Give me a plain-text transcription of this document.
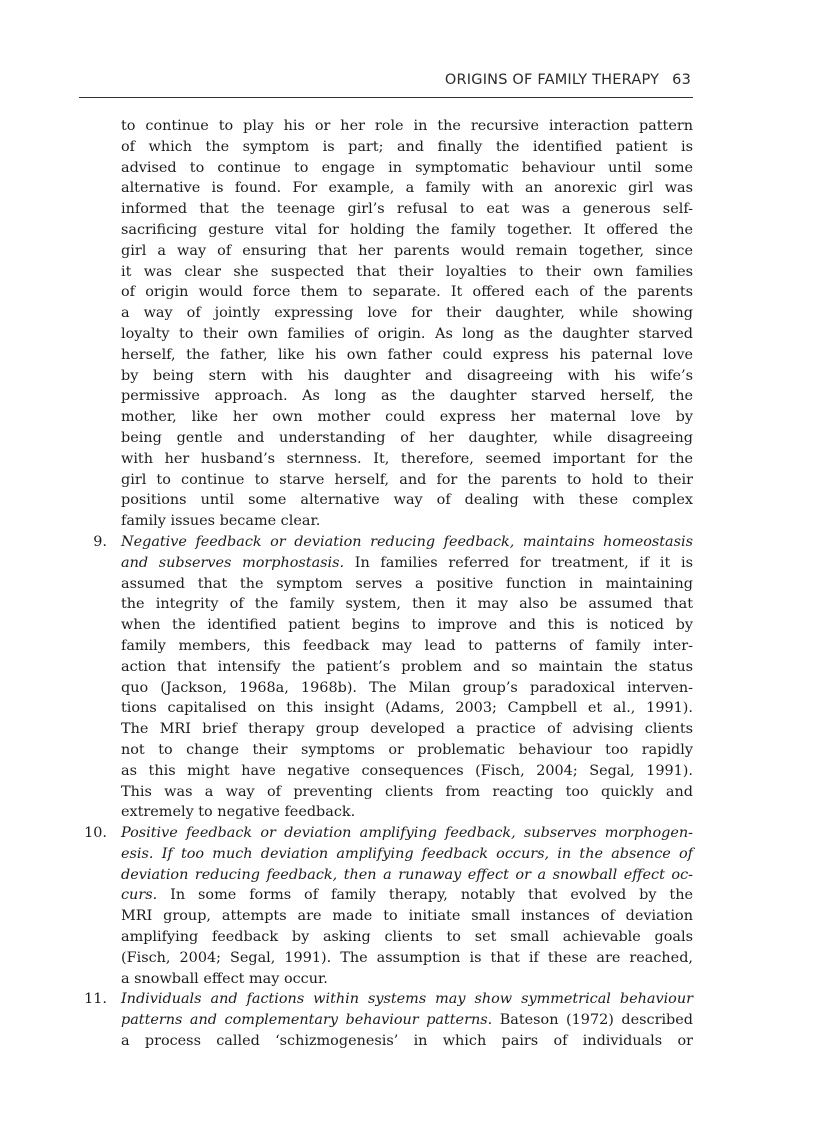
ORIGINS OF FAMILY THERAPY 63
to continue to play his or her role in the recursive interaction pattern
of which the symptom is part; and finally the identified patient is
advised to continue to engage in symptomatic behaviour until some
alternative is found. For example, a family with an anorexic girl was
informed that the teenage girl’s refusal to eat was a generous self-
sacrificing gesture vital for holding the family together. It offered the
girl a way of ensuring that her parents would remain together, since
it was clear she suspected that their loyalties to their own families
of origin would force them to separate. It offered each of the parents
a way of jointly expressing love for their daughter, while showing
loyalty to their own families of origin. As long as the daughter starved
herself, the father, like his own father could express his paternal love
by being stern with his daughter and disagreeing with his wife’s
permissive approach. As long as the daughter starved herself, the
mother, like her own mother could express her maternal love by
being gentle and understanding of her daughter, while disagreeing
with her husband’s sternness. It, therefore, seemed important for the
girl to continue to starve herself, and for the parents to hold to their
positions until some alternative way of dealing with these complex
family issues became clear.
9. Negative feedback or deviation reducing feedback, maintains homeostasis
and subserves morphostasis. In families referred for treatment, if it is
assumed that the symptom serves a positive function in maintaining
the integrity of the family system, then it may also be assumed that
when the identified patient begins to improve and this is noticed by
family members, this feedback may lead to patterns of family inter-
action that intensify the patient’s problem and so maintain the status
quo (Jackson, 1968a, 1968b). The Milan group’s paradoxical interven-
tions capitalised on this insight (Adams, 2003; Campbell et al., 1991).
The MRI brief therapy group developed a practice of advising clients
not to change their symptoms or problematic behaviour too rapidly
as this might have negative consequences (Fisch, 2004; Segal, 1991).
This was a way of preventing clients from reacting too quickly and
extremely to negative feedback.
10. Positive feedback or deviation amplifying feedback, subserves morphogen-
esis. If too much deviation amplifying feedback occurs, in the absence of
deviation reducing feedback, then a runaway effect or a snowball effect oc-
curs. In some forms of family therapy, notably that evolved by the
MRI group, attempts are made to initiate small instances of deviation
amplifying feedback by asking clients to set small achievable goals
(Fisch, 2004; Segal, 1991). The assumption is that if these are reached,
a snowball effect may occur.
11. Individuals and factions within systems may show symmetrical behaviour
patterns and complementary behaviour patterns. Bateson (1972) described
a process called ‘schizmogenesis’ in which pairs of individuals or
